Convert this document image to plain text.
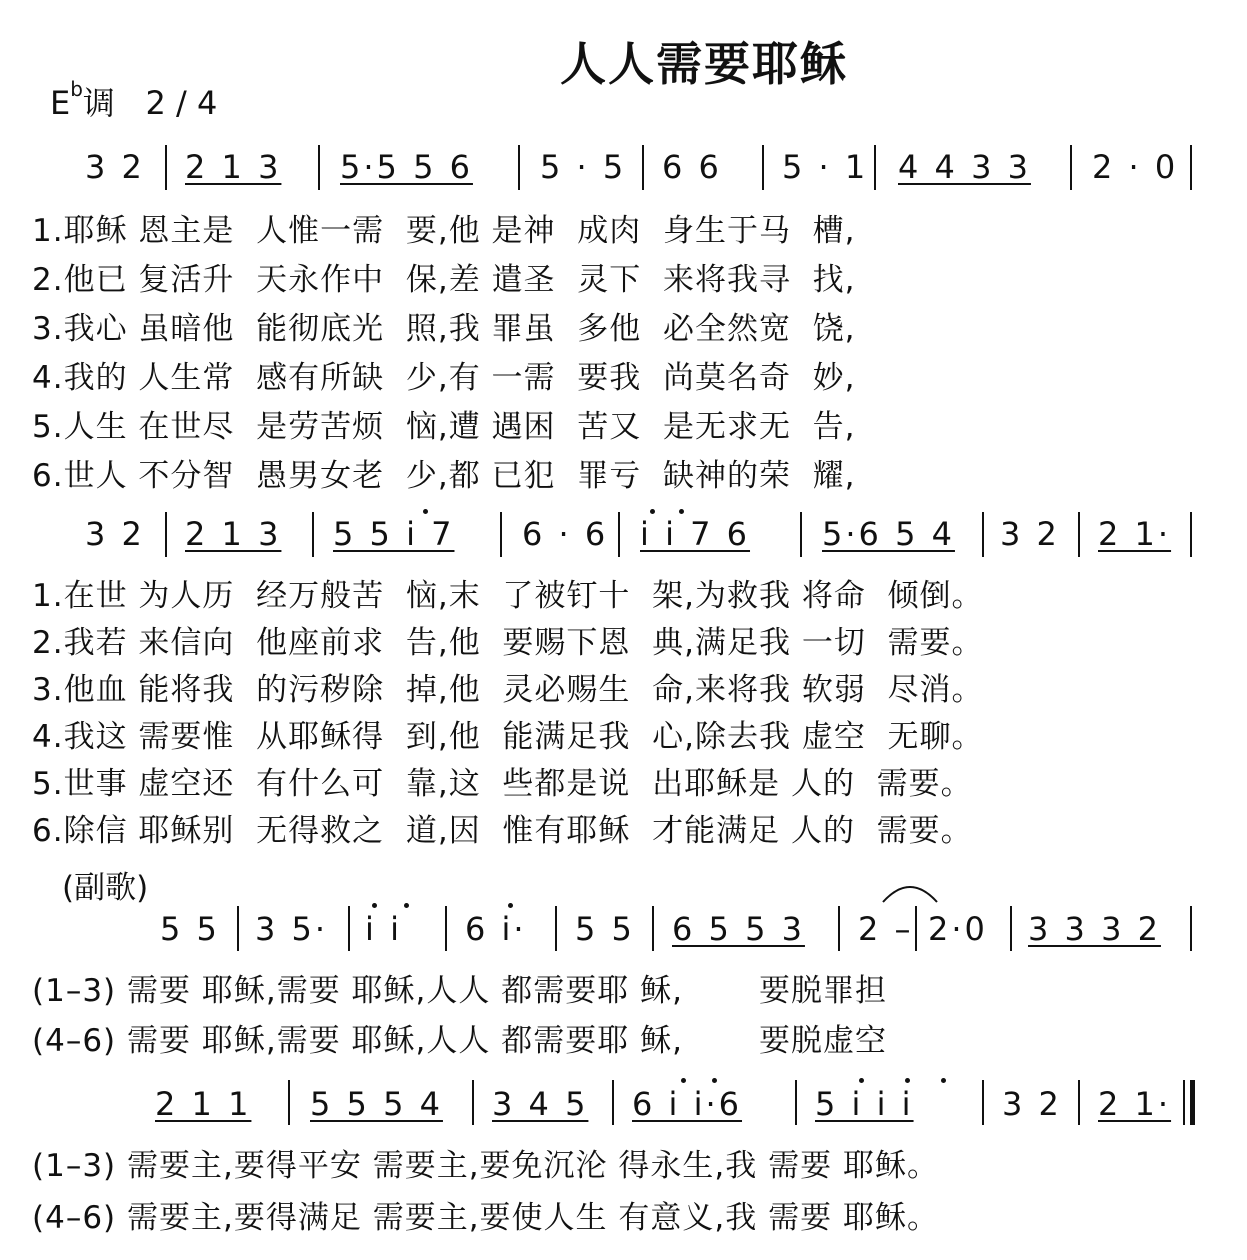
人人需要耶稣
$E^b$调 2 / 4
3 2 2 1 3 5·5 5 6 5 · 5 6 6 5 · 1 4 4 3 3 2 · 0
1.耶稣 恩主是  人惟一需  要,他 是神  成肉  身生于马  槽,
2.他已 复活升  天永作中  保,差 遣圣  灵下  来将我寻  找,
3.我心 虽暗他  能彻底光  照,我 罪虽  多他  必全然宽  饶,
4.我的 人生常  感有所缺  少,有 一需  要我  尚莫名奇  妙,
5.人生 在世尽  是劳苦烦  恼,遭 遇困  苦又  是无求无  告,
6.世人 不分智  愚男女老  少,都 已犯  罪亏  缺神的荣  耀,
3 2 2 1 3 5 5 i 7 6 · 6 i i 7 6 5·6 5 4 3 2 2 1·
1.在世 为人历  经万般苦  恼,末  了被钉十  架,为救我 将命  倾倒。
2.我若 来信向  他座前求  告,他  要赐下恩  典,满足我 一切  需要。
3.他血 能将我  的污秽除  掉,他  灵必赐生  命,来将我 软弱  尽消。
4.我这 需要惟  从耶稣得  到,他  能满足我  心,除去我 虚空  无聊。
5.世事 虚空还  有什么可  靠,这  些都是说  出耶稣是 人的  需要。
6.除信 耶稣别  无得救之  道,因  惟有耶稣  才能满足 人的  需要。
(副歌)
5 5 3 5· i i 6 i· 5 5 6 5 5 3 2 – 2·0 3 3 3 2
(1–3) 需要 耶稣,需要 耶稣,人人 都需要耶 稣,       要脱罪担
(4–6) 需要 耶稣,需要 耶稣,人人 都需要耶 稣,       要脱虚空
2 1 1 5 5 5 4 3 4 5 6 i i·6 5 i i i	3 2 2 1·
(1–3) 需要主,要得平安 需要主,要免沉沦 得永生,我 需要 耶稣。
(4–6) 需要主,要得满足 需要主,要使人生 有意义,我 需要 耶稣。
